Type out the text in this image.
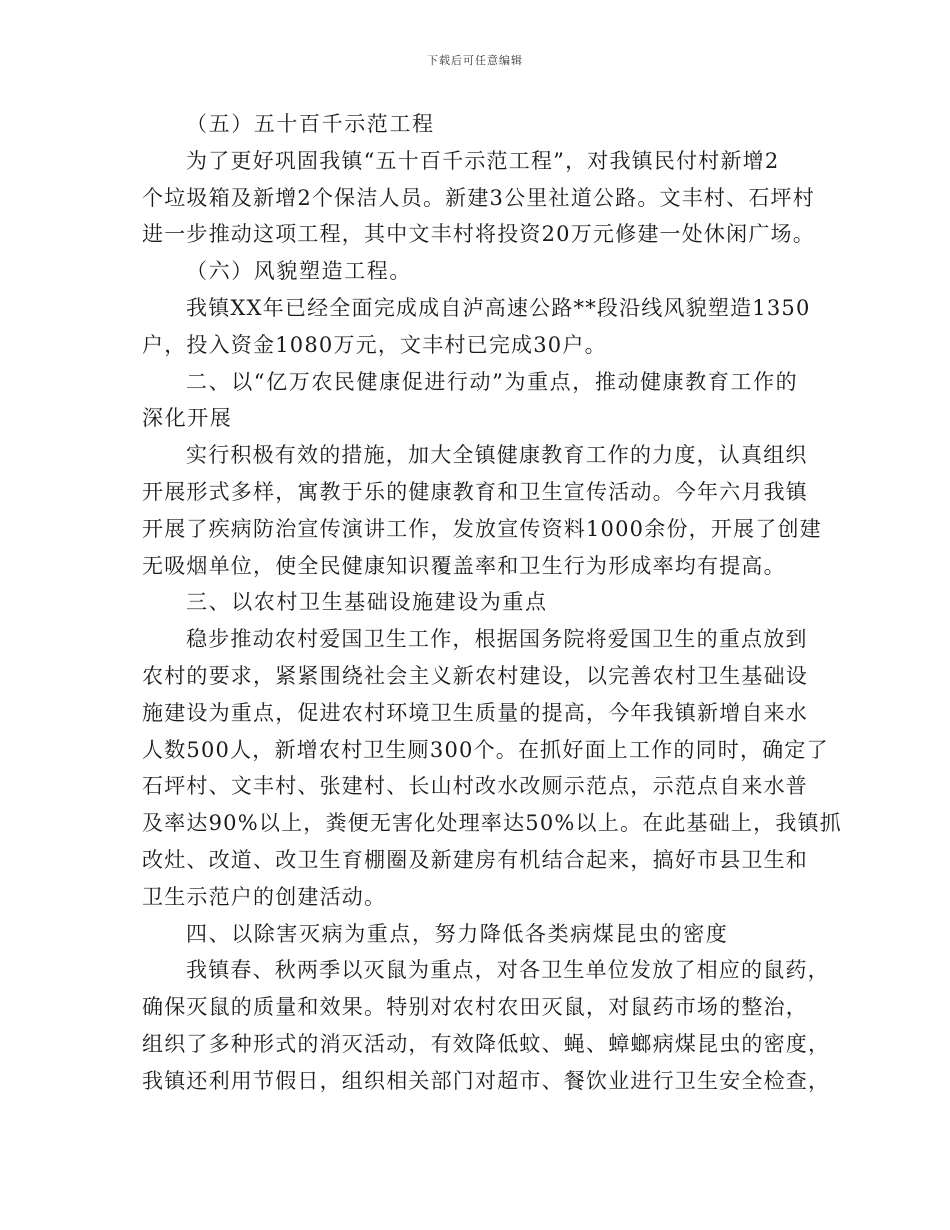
下载后可任意编辑
（五）五十百千示范工程
为了更好巩固我镇“五十百千示范工程”，对我镇民付村新增2
个垃圾箱及新增2个保洁人员。新建3公里社道公路。文丰村、石坪村
进一步推动这项工程，其中文丰村将投资20万元修建一处休闲广场。
（六）风貌塑造工程。
我镇XX年已经全面完成成自泸高速公路**段沿线风貌塑造1350
户，投入资金1080万元，文丰村已完成30户。
二、以“亿万农民健康促进行动”为重点，推动健康教育工作的
深化开展
实行积极有效的措施，加大全镇健康教育工作的力度，认真组织
开展形式多样，寓教于乐的健康教育和卫生宣传活动。今年六月我镇
开展了疾病防治宣传演讲工作，发放宣传资料1000余份，开展了创建
无吸烟单位，使全民健康知识覆盖率和卫生行为形成率均有提高。
三、以农村卫生基础设施建设为重点
稳步推动农村爱国卫生工作，根据国务院将爱国卫生的重点放到
农村的要求，紧紧围绕社会主义新农村建设，以完善农村卫生基础设
施建设为重点，促进农村环境卫生质量的提高，今年我镇新增自来水
人数500人，新增农村卫生厕300个。在抓好面上工作的同时，确定了
石坪村、文丰村、张建村、长山村改水改厕示范点，示范点自来水普
及率达90%以上，粪便无害化处理率达50%以上。在此基础上，我镇抓
改灶、改道、改卫生育棚圈及新建房有机结合起来，搞好市县卫生和
卫生示范户的创建活动。
四、以除害灭病为重点，努力降低各类病煤昆虫的密度
我镇春、秋两季以灭鼠为重点，对各卫生单位发放了相应的鼠药，
确保灭鼠的质量和效果。特别对农村农田灭鼠，对鼠药市场的整治，
组织了多种形式的消灭活动，有效降低蚊、蝇、蟑螂病煤昆虫的密度，
我镇还利用节假日，组织相关部门对超市、餐饮业进行卫生安全检查，
